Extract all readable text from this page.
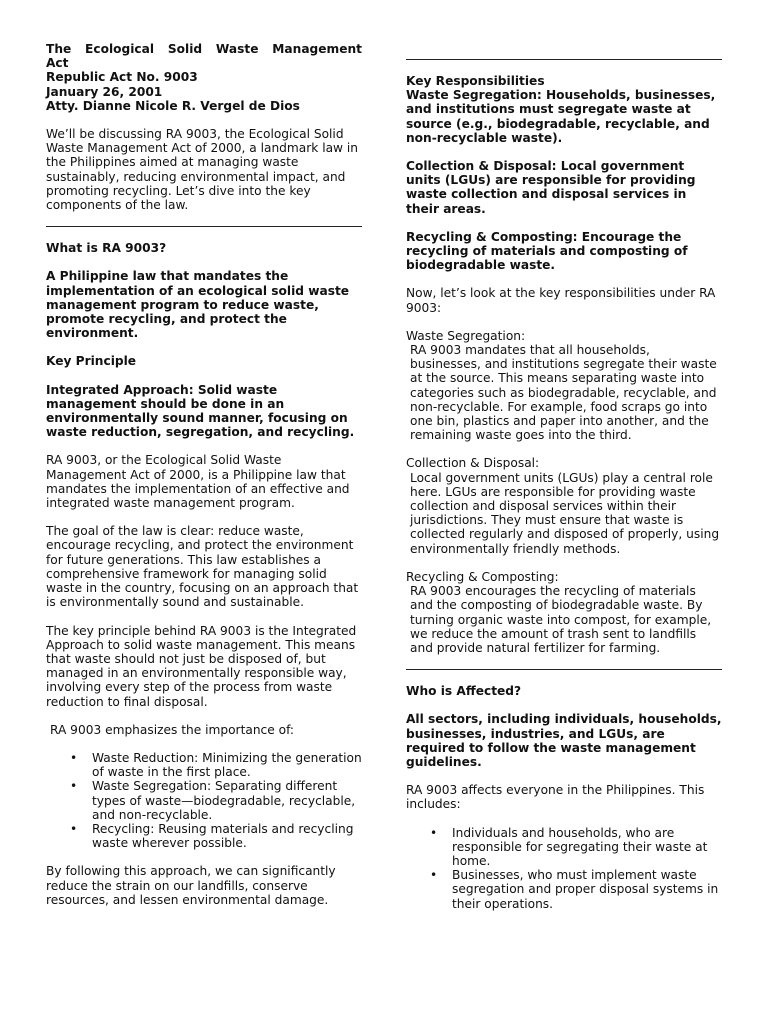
The Ecological Solid Waste Management
Act
Republic Act No. 9003
January 26, 2001
Atty. Dianne Nicole R. Vergel de Dios

We’ll be discussing RA 9003, the Ecological Solid Waste Management Act of 2000, a landmark law in the Philippines aimed at managing waste sustainably, reducing environmental impact, and promoting recycling. Let’s dive into the key components of the law.

What is RA 9003?

A Philippine law that mandates the implementation of an ecological solid waste management program to reduce waste, promote recycling, and protect the environment.

Key Principle

Integrated Approach: Solid waste management should be done in an environmentally sound manner, focusing on waste reduction, segregation, and recycling.

RA 9003, or the Ecological Solid Waste Management Act of 2000, is a Philippine law that mandates the implementation of an effective and integrated waste management program.

The goal of the law is clear: reduce waste, encourage recycling, and protect the environment for future generations. This law establishes a comprehensive framework for managing solid waste in the country, focusing on an approach that is environmentally sound and sustainable.

The key principle behind RA 9003 is the Integrated Approach to solid waste management. This means that waste should not just be disposed of, but managed in an environmentally responsible way, involving every step of the process from waste reduction to final disposal.

RA 9003 emphasizes the importance of:

• Waste Reduction: Minimizing the generation of waste in the first place.
• Waste Segregation: Separating different types of waste—biodegradable, recyclable, and non-recyclable.
• Recycling: Reusing materials and recycling waste wherever possible.

By following this approach, we can significantly reduce the strain on our landfills, conserve resources, and lessen environmental damage.

Key Responsibilities

Waste Segregation: Households, businesses, and institutions must segregate waste at source (e.g., biodegradable, recyclable, and non-recyclable waste).

Collection & Disposal: Local government units (LGUs) are responsible for providing waste collection and disposal services in their areas.

Recycling & Composting: Encourage the recycling of materials and composting of biodegradable waste.

Now, let’s look at the key responsibilities under RA 9003:

Waste Segregation:

RA 9003 mandates that all households, businesses, and institutions segregate their waste at the source. This means separating waste into categories such as biodegradable, recyclable, and non-recyclable. For example, food scraps go into one bin, plastics and paper into another, and the remaining waste goes into the third.

Collection & Disposal:

Local government units (LGUs) play a central role here. LGUs are responsible for providing waste collection and disposal services within their jurisdictions. They must ensure that waste is collected regularly and disposed of properly, using environmentally friendly methods.

Recycling & Composting:

RA 9003 encourages the recycling of materials and the composting of biodegradable waste. By turning organic waste into compost, for example, we reduce the amount of trash sent to landfills and provide natural fertilizer for farming.

Who is Affected?

All sectors, including individuals, households, businesses, industries, and LGUs, are required to follow the waste management guidelines.

RA 9003 affects everyone in the Philippines. This includes:

• Individuals and households, who are responsible for segregating their waste at home.
• Businesses, who must implement waste segregation and proper disposal systems in their operations.
